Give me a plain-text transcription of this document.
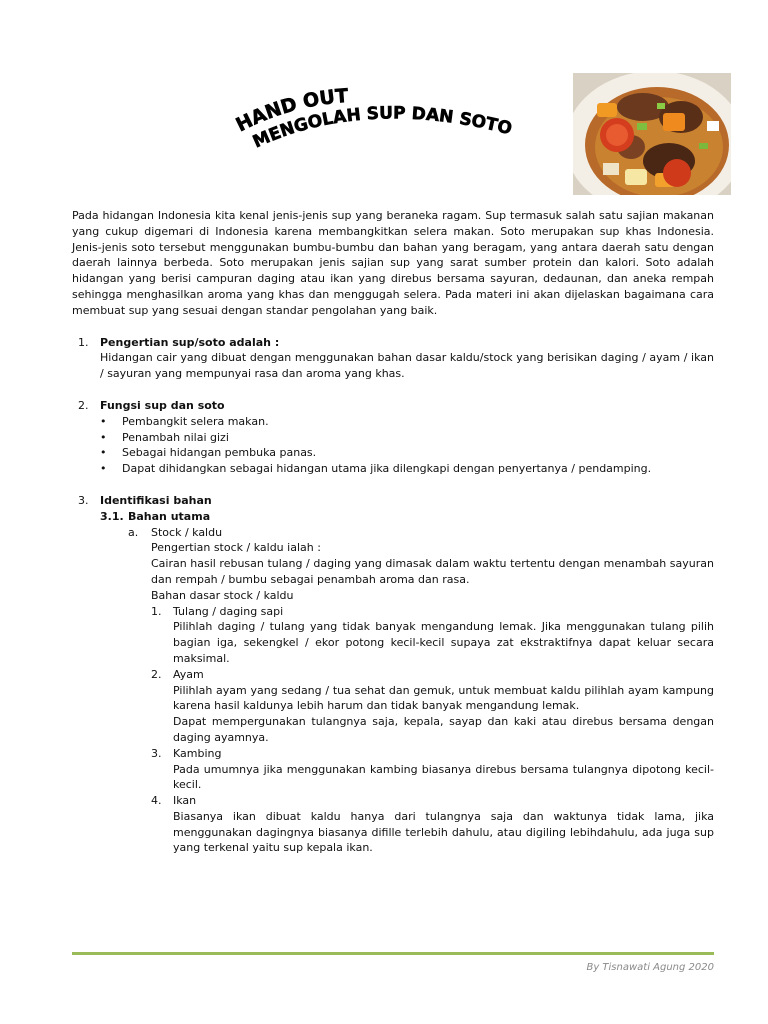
HAND OUT
MENGOLAH SUP DAN SOTO

Pada hidangan Indonesia kita kenal jenis-jenis sup yang beraneka ragam. Sup termasuk salah satu sajian makanan yang cukup digemari di Indonesia karena membangkitkan selera makan. Soto merupakan sup khas Indonesia. Jenis-jenis soto tersebut menggunakan bumbu-bumbu dan bahan yang beragam, yang antara daerah satu dengan daerah lainnya berbeda. Soto merupakan jenis sajian sup yang sarat sumber protein dan kalori. Soto adalah hidangan yang berisi campuran daging atau ikan yang direbus bersama sayuran, dedaunan, dan aneka rempah sehingga menghasilkan aroma yang khas dan menggugah selera. Pada materi ini akan dijelaskan bagaimana cara membuat sup yang sesuai dengan standar pengolahan yang baik.

1.	Pengertian sup/soto adalah :
Hidangan cair yang dibuat dengan menggunakan bahan dasar kaldu/stock yang berisikan daging / ayam / ikan / sayuran yang mempunyai rasa dan aroma yang khas.
2.	Fungsi sup dan soto
• Pembangkit selera makan.
• Penambah nilai gizi
• Sebagai hidangan pembuka panas.
• Dapat dihidangkan sebagai hidangan utama jika dilengkapi dengan penyertanya / pendamping.
3.	Identifikasi bahan
3.1. Bahan utama
a.	Stock / kaldu
Pengertian stock / kaldu ialah :
Cairan hasil rebusan tulang / daging yang dimasak dalam waktu tertentu dengan menambah sayuran dan rempah / bumbu sebagai penambah aroma dan rasa.
Bahan dasar stock / kaldu
1. Tulang / daging sapi
Pilihlah daging / tulang yang tidak banyak mengandung lemak. Jika menggunakan tulang pilih bagian iga, sekengkel / ekor potong kecil-kecil supaya zat ekstraktifnya dapat keluar secara maksimal.
2. Ayam
Pilihlah ayam yang sedang / tua sehat dan gemuk, untuk membuat kaldu pilihlah ayam kampung karena hasil kaldunya lebih harum dan tidak banyak mengandung lemak.
Dapat mempergunakan tulangnya saja, kepala, sayap dan kaki atau direbus bersama dengan daging ayamnya.
3. Kambing
Pada umumnya jika menggunakan kambing biasanya direbus bersama tulangnya dipotong kecil-kecil.
4. Ikan
Biasanya ikan dibuat kaldu hanya dari tulangnya saja dan waktunya tidak lama, jika menggunakan dagingnya biasanya difille terlebih dahulu, atau digiling lebihdahulu, ada juga sup yang terkenal yaitu sup kepala ikan.
By Tisnawati Agung 2020
